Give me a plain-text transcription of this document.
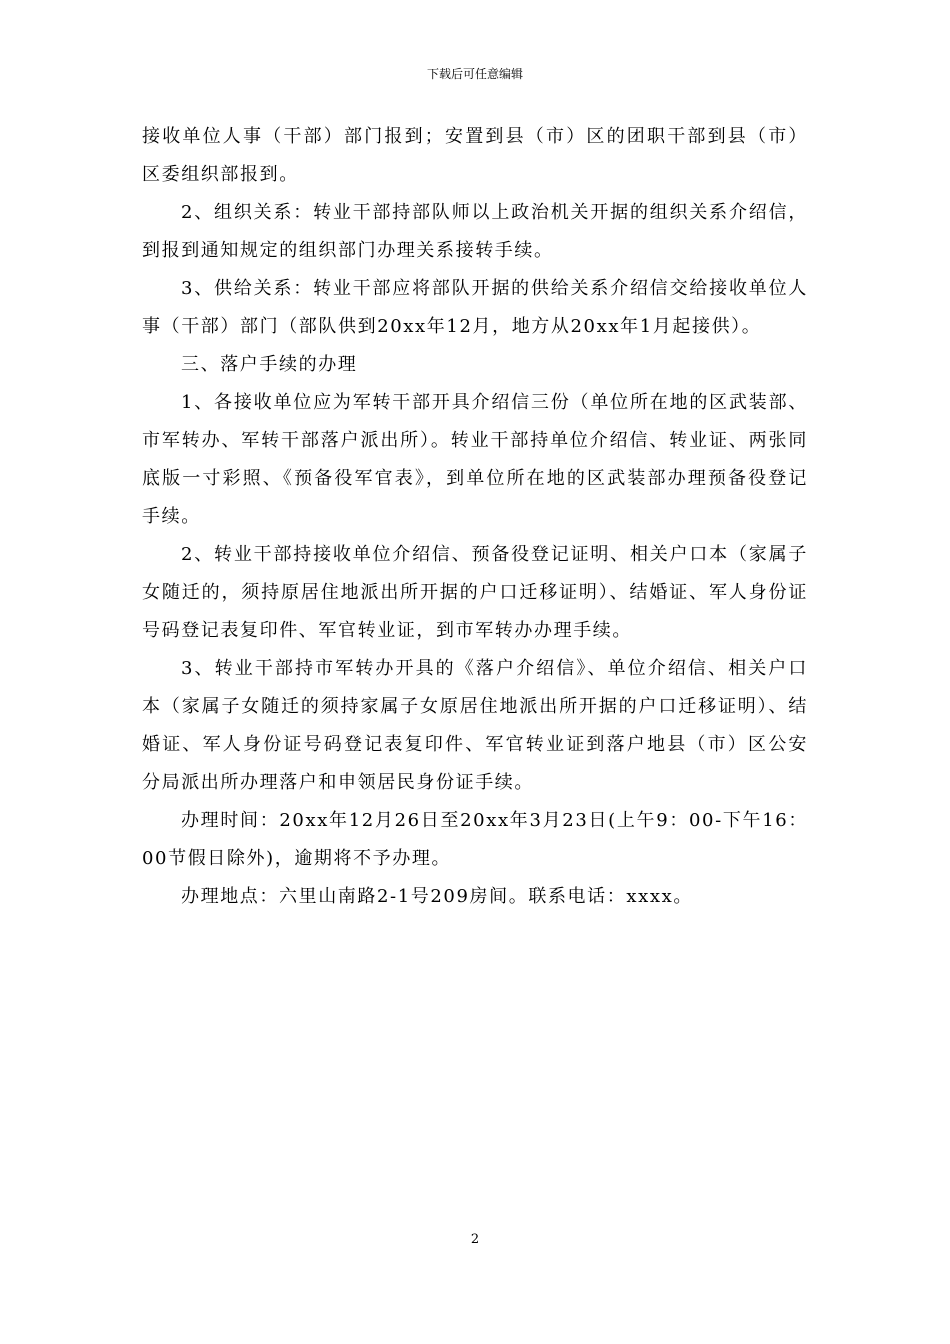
下载后可任意编辑

接收单位人事（干部）部门报到；安置到县（市）区的团职干部到县（市）区委组织部报到。

2、组织关系：转业干部持部队师以上政治机关开据的组织关系介绍信，到报到通知规定的组织部门办理关系接转手续。

3、供给关系：转业干部应将部队开据的供给关系介绍信交给接收单位人事（干部）部门（部队供到20xx年12月，地方从20xx年1月起接供）。

三、落户手续的办理

1、各接收单位应为军转干部开具介绍信三份（单位所在地的区武装部、市军转办、军转干部落户派出所）。转业干部持单位介绍信、转业证、两张同底版一寸彩照、《预备役军官表》，到单位所在地的区武装部办理预备役登记手续。

2、转业干部持接收单位介绍信、预备役登记证明、相关户口本（家属子女随迁的，须持原居住地派出所开据的户口迁移证明）、结婚证、军人身份证号码登记表复印件、军官转业证，到市军转办办理手续。

3、转业干部持市军转办开具的《落户介绍信》、单位介绍信、相关户口本（家属子女随迁的须持家属子女原居住地派出所开据的户口迁移证明）、结婚证、军人身份证号码登记表复印件、军官转业证到落户地县（市）区公安分局派出所办理落户和申领居民身份证手续。

办理时间：20xx年12月26日至20xx年3月23日(上午9：00-下午16：00节假日除外)，逾期将不予办理。

办理地点：六里山南路2-1号209房间。联系电话：xxxx。

2
